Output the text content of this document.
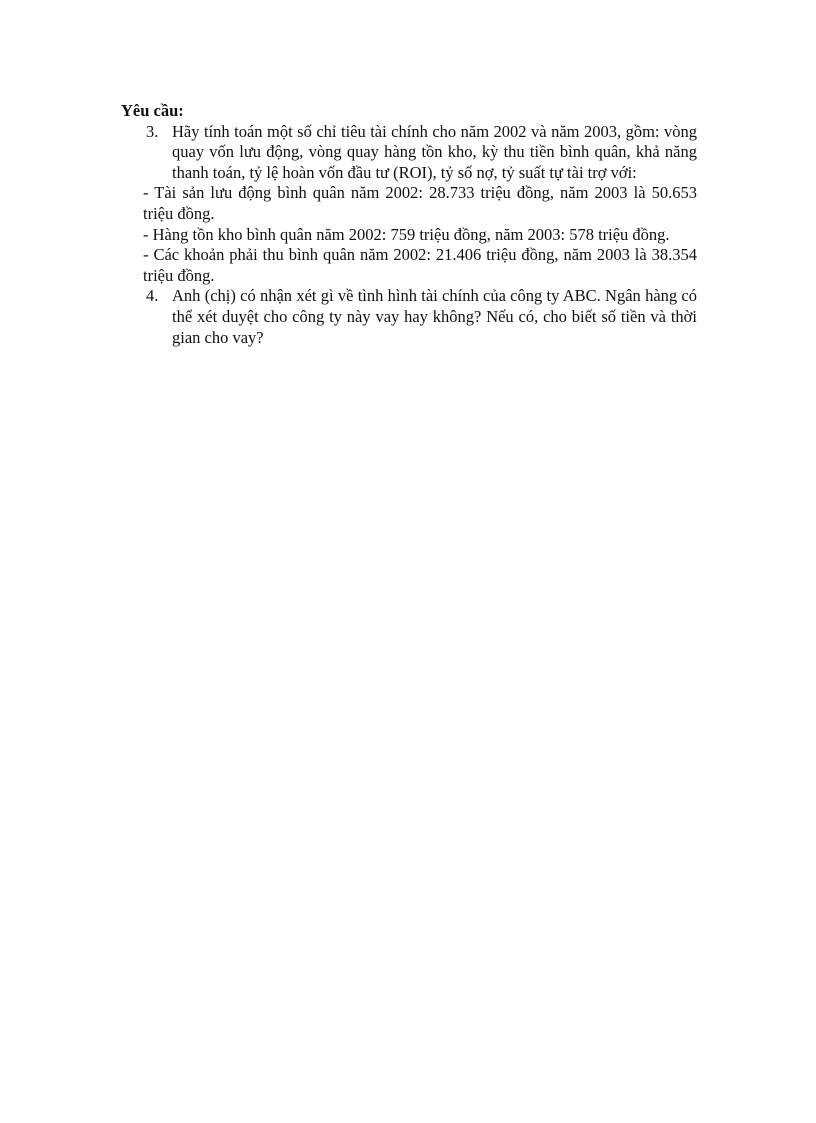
Yêu cầu:

3. Hãy tính toán một số chỉ tiêu tài chính cho năm 2002 và năm 2003, gồm: vòng quay vốn lưu động, vòng quay hàng tồn kho, kỳ thu tiền bình quân, khả năng thanh toán, tỷ lệ hoàn vốn đầu tư (ROI), tỷ số nợ, tỷ suất tự tài trợ với:

- Tài sản lưu động bình quân năm 2002: 28.733 triệu đồng, năm 2003 là 50.653 triệu đồng.

- Hàng tồn kho bình quân năm 2002: 759 triệu đồng, năm 2003: 578 triệu đồng.

- Các khoản phải thu bình quân năm 2002: 21.406 triệu đồng, năm 2003 là 38.354 triệu đồng.

4. Anh (chị) có nhận xét gì về tình hình tài chính của công ty ABC. Ngân hàng có thể xét duyệt cho công ty này vay hay không? Nếu có, cho biết số tiền và thời gian cho vay?
